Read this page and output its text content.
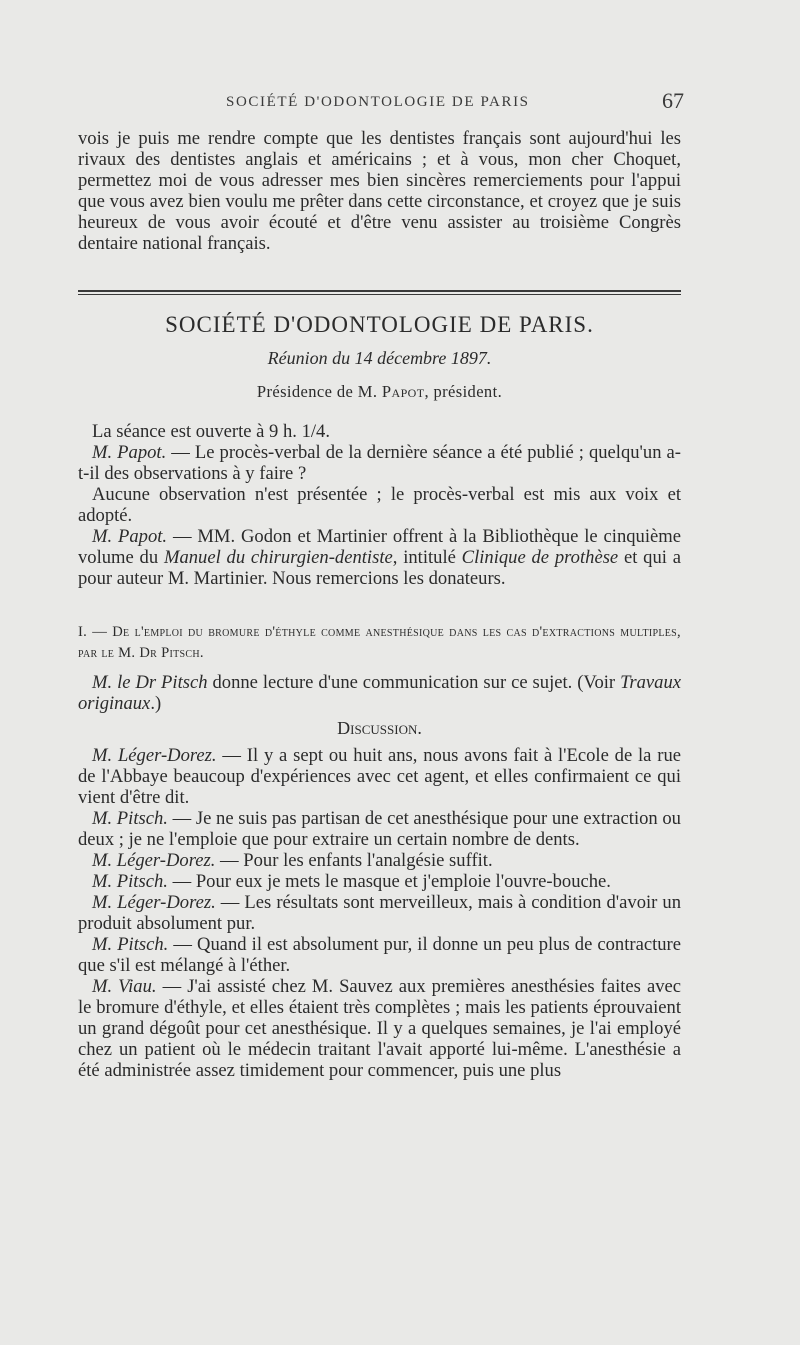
SOCIÉTÉ D'ODONTOLOGIE DE PARIS	67

vois je puis me rendre compte que les dentistes français sont aujourd'hui les rivaux des dentistes anglais et américains ; et à vous, mon cher Choquet, permettez moi de vous adresser mes bien sincères remerciements pour l'appui que vous avez bien voulu me prêter dans cette circonstance, et croyez que je suis heureux de vous avoir écouté et d'être venu assister au troisième Congrès dentaire national français.

SOCIÉTÉ D'ODONTOLOGIE DE PARIS.
Réunion du 14 décembre 1897.
Présidence de M. Papot, président.

La séance est ouverte à 9 h. 1/4.

M. Papot. — Le procès-verbal de la dernière séance a été publié ; quelqu'un a-t-il des observations à y faire ?

Aucune observation n'est présentée ; le procès-verbal est mis aux voix et adopté.

M. Papot. — MM. Godon et Martinier offrent à la Bibliothèque le cinquième volume du Manuel du chirurgien-dentiste, intitulé Clinique de prothèse et qui a pour auteur M. Martinier. Nous remercions les donateurs.

I. — De l'emploi du bromure d'éthyle comme anesthésique dans les cas d'extractions multiples, par le M. Dr Pitsch.

M. le Dr Pitsch donne lecture d'une communication sur ce sujet. (Voir Travaux originaux.)

Discussion.

M. Léger-Dorez. — Il y a sept ou huit ans, nous avons fait à l'Ecole de la rue de l'Abbaye beaucoup d'expériences avec cet agent, et elles confirmaient ce qui vient d'être dit.

M. Pitsch. — Je ne suis pas partisan de cet anesthésique pour une extraction ou deux ; je ne l'emploie que pour extraire un certain nombre de dents.

M. Léger-Dorez. — Pour les enfants l'analgésie suffit.

M. Pitsch. — Pour eux je mets le masque et j'emploie l'ouvre-bouche.

M. Léger-Dorez. — Les résultats sont merveilleux, mais à condition d'avoir un produit absolument pur.

M. Pitsch. — Quand il est absolument pur, il donne un peu plus de contracture que s'il est mélangé à l'éther.

M. Viau. — J'ai assisté chez M. Sauvez aux premières anesthésies faites avec le bromure d'éthyle, et elles étaient très complètes ; mais les patients éprouvaient un grand dégoût pour cet anesthésique. Il y a quelques semaines, je l'ai employé chez un patient où le médecin traitant l'avait apporté lui-même. L'anesthésie a été administrée assez timidement pour commencer, puis une plus
